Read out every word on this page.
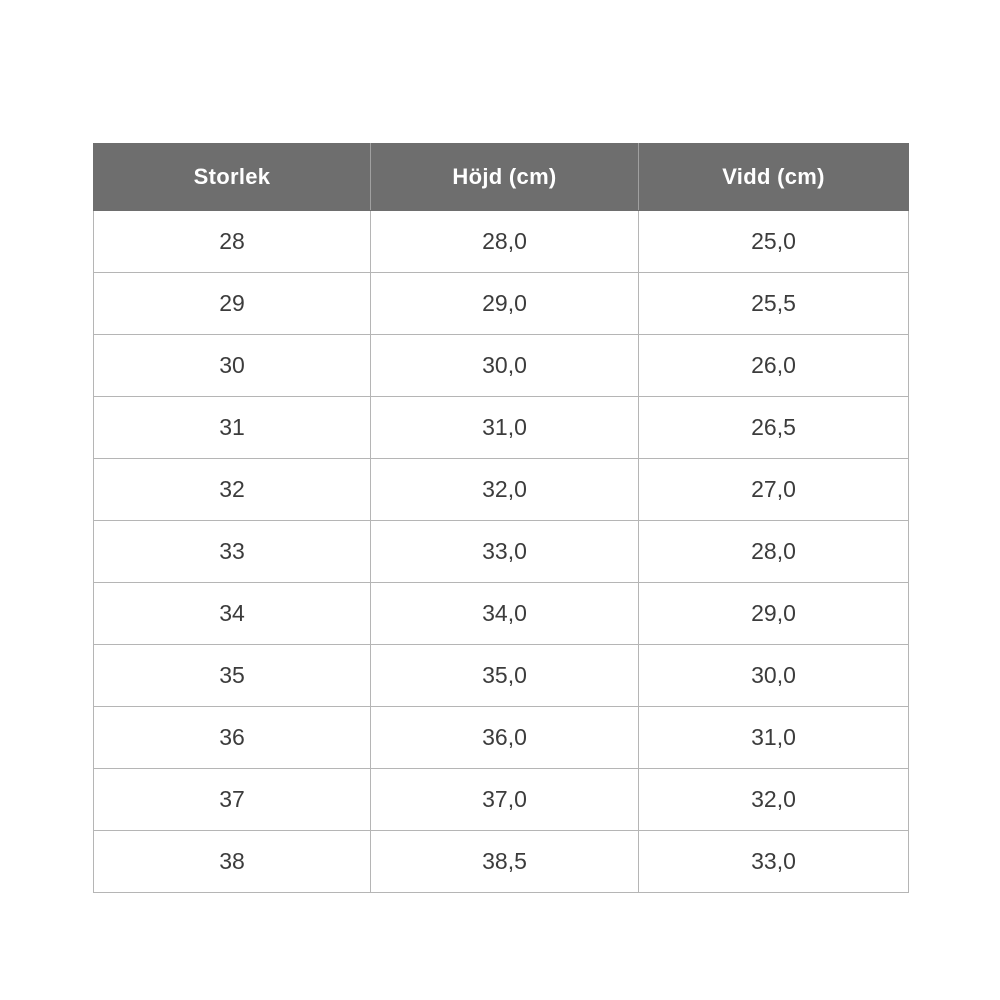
Storlek	Höjd (cm)	Vidd (cm)
28	28,0	25,0
29	29,0	25,5
30	30,0	26,0
31	31,0	26,5
32	32,0	27,0
33	33,0	28,0
34	34,0	29,0
35	35,0	30,0
36	36,0	31,0
37	37,0	32,0
38	38,5	33,0
